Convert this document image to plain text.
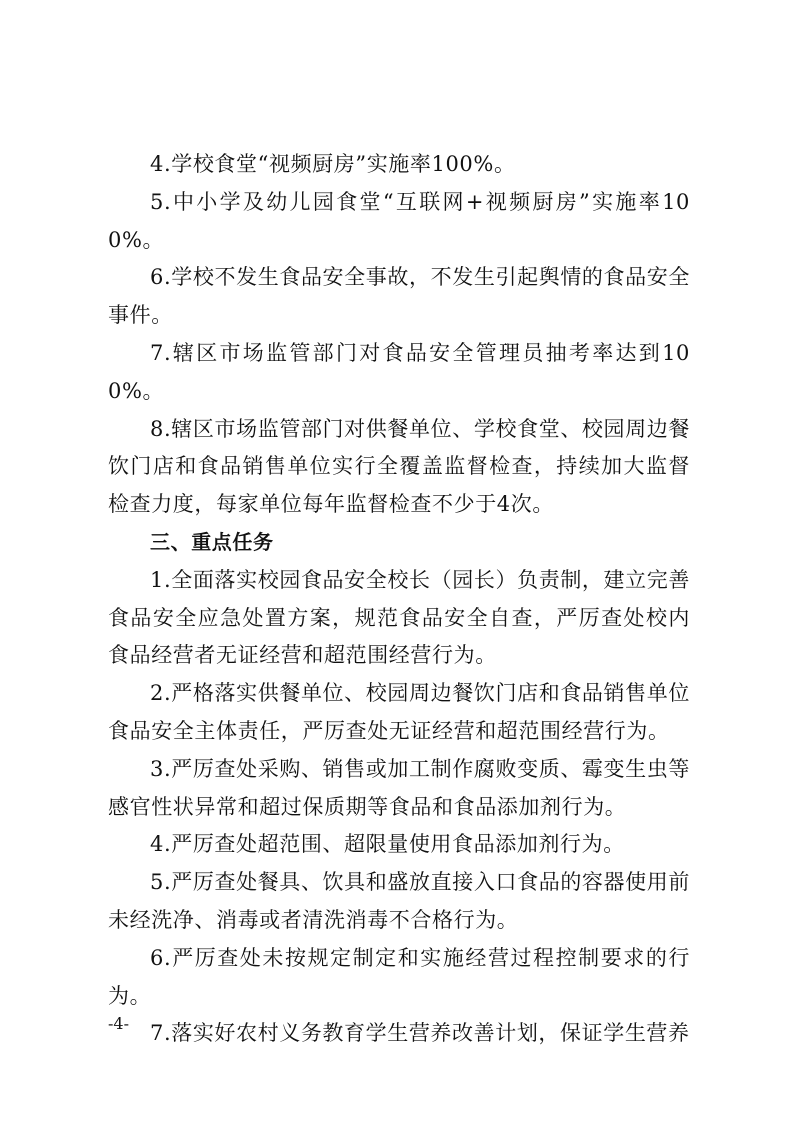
4.学校食堂“视频厨房”实施率100%。

5.中小学及幼儿园食堂“互联网+视频厨房”实施率100%。

6.学校不发生食品安全事故，不发生引起舆情的食品安全事件。

7.辖区市场监管部门对食品安全管理员抽考率达到100%。

8.辖区市场监管部门对供餐单位、学校食堂、校园周边餐饮门店和食品销售单位实行全覆盖监督检查，持续加大监督检查力度，每家单位每年监督检查不少于4次。

三、重点任务

1.全面落实校园食品安全校长（园长）负责制，建立完善食品安全应急处置方案，规范食品安全自查，严厉查处校内食品经营者无证经营和超范围经营行为。

2.严格落实供餐单位、校园周边餐饮门店和食品销售单位食品安全主体责任，严厉查处无证经营和超范围经营行为。

3.严厉查处采购、销售或加工制作腐败变质、霉变生虫等感官性状异常和超过保质期等食品和食品添加剂行为。

4.严厉查处超范围、超限量使用食品添加剂行为。

5.严厉查处餐具、饮具和盛放直接入口食品的容器使用前未经洗净、消毒或者清洗消毒不合格行为。

6.严厉查处未按规定制定和实施经营过程控制要求的行为。

7.落实好农村义务教育学生营养改善计划，保证学生营养

-4-
